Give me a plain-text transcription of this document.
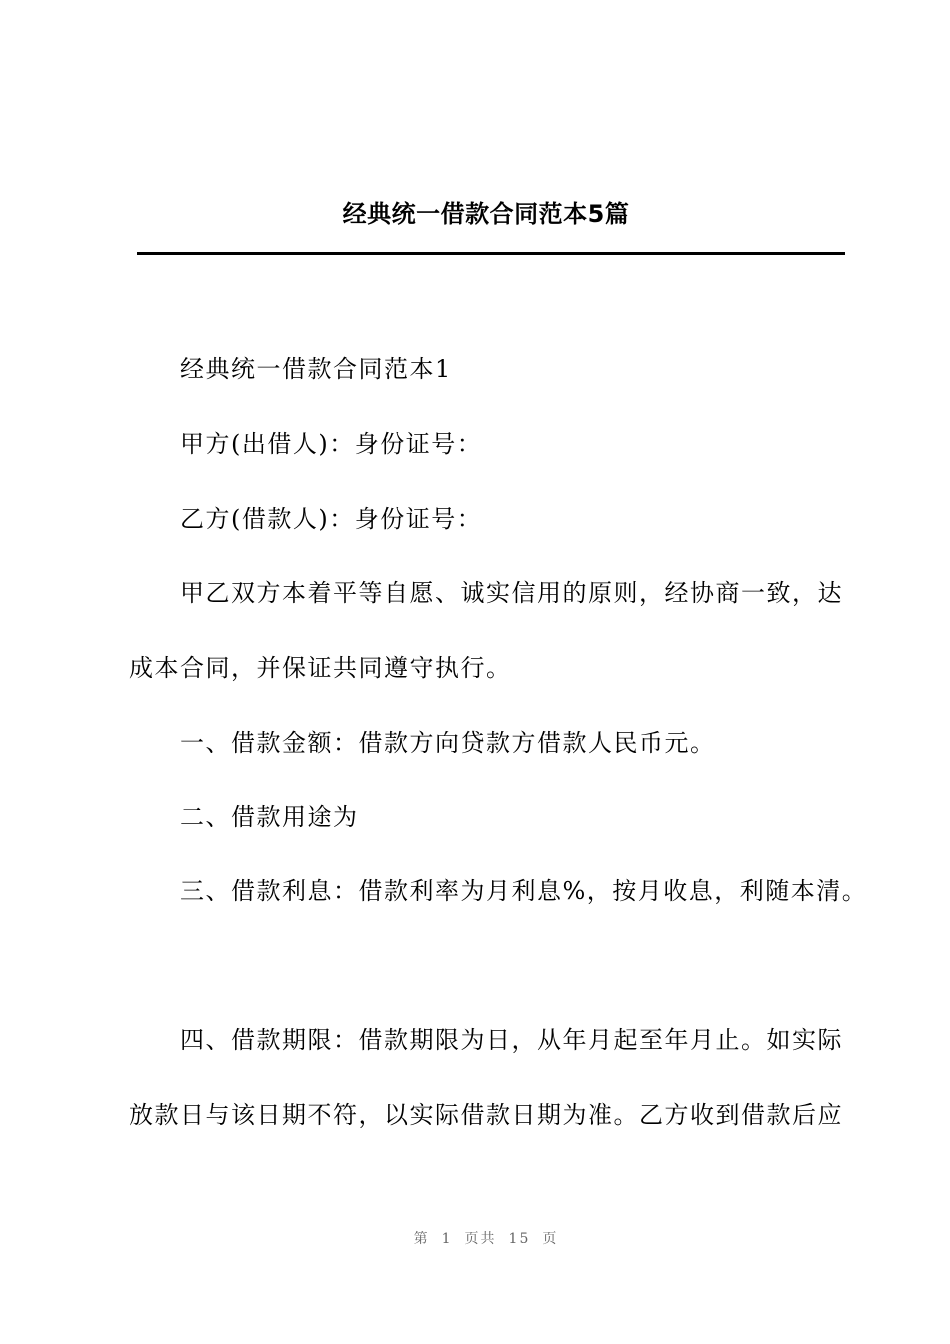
经典统一借款合同范本5篇
经典统一借款合同范本1
甲方(出借人)：身份证号：
乙方(借款人)：身份证号：
甲乙双方本着平等自愿、诚实信用的原则，经协商一致，达
成本合同，并保证共同遵守执行。
一、借款金额：借款方向贷款方借款人民币元。
二、借款用途为
三、借款利息：借款利率为月利息%，按月收息，利随本清。
四、借款期限：借款期限为日，从年月起至年月止。如实际
放款日与该日期不符，以实际借款日期为准。乙方收到借款后应
第 1 页共 15 页
